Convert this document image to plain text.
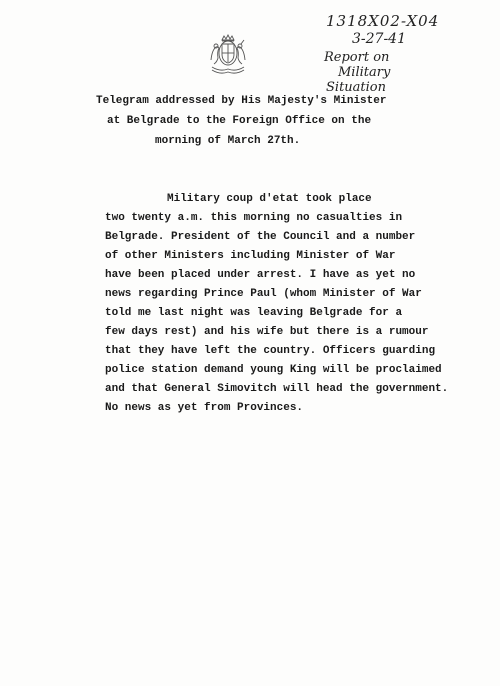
1318X02-X04
3-27-41
Report on
Military
Situation
Telegram addressed by His Majesty's Minister
at Belgrade to the Foreign Office on the
morning of March 27th.
Military coup d'etat took place
two twenty a.m. this morning no casualties in
Belgrade. President of the Council and a number
of other Ministers including Minister of War
have been placed under arrest. I have as yet no
news regarding Prince Paul (whom Minister of War
told me last night was leaving Belgrade for a
few days rest) and his wife but there is a rumour
that they have left the country. Officers guarding
police station demand young King will be proclaimed
and that General Simovitch will head the government.
No news as yet from Provinces.
